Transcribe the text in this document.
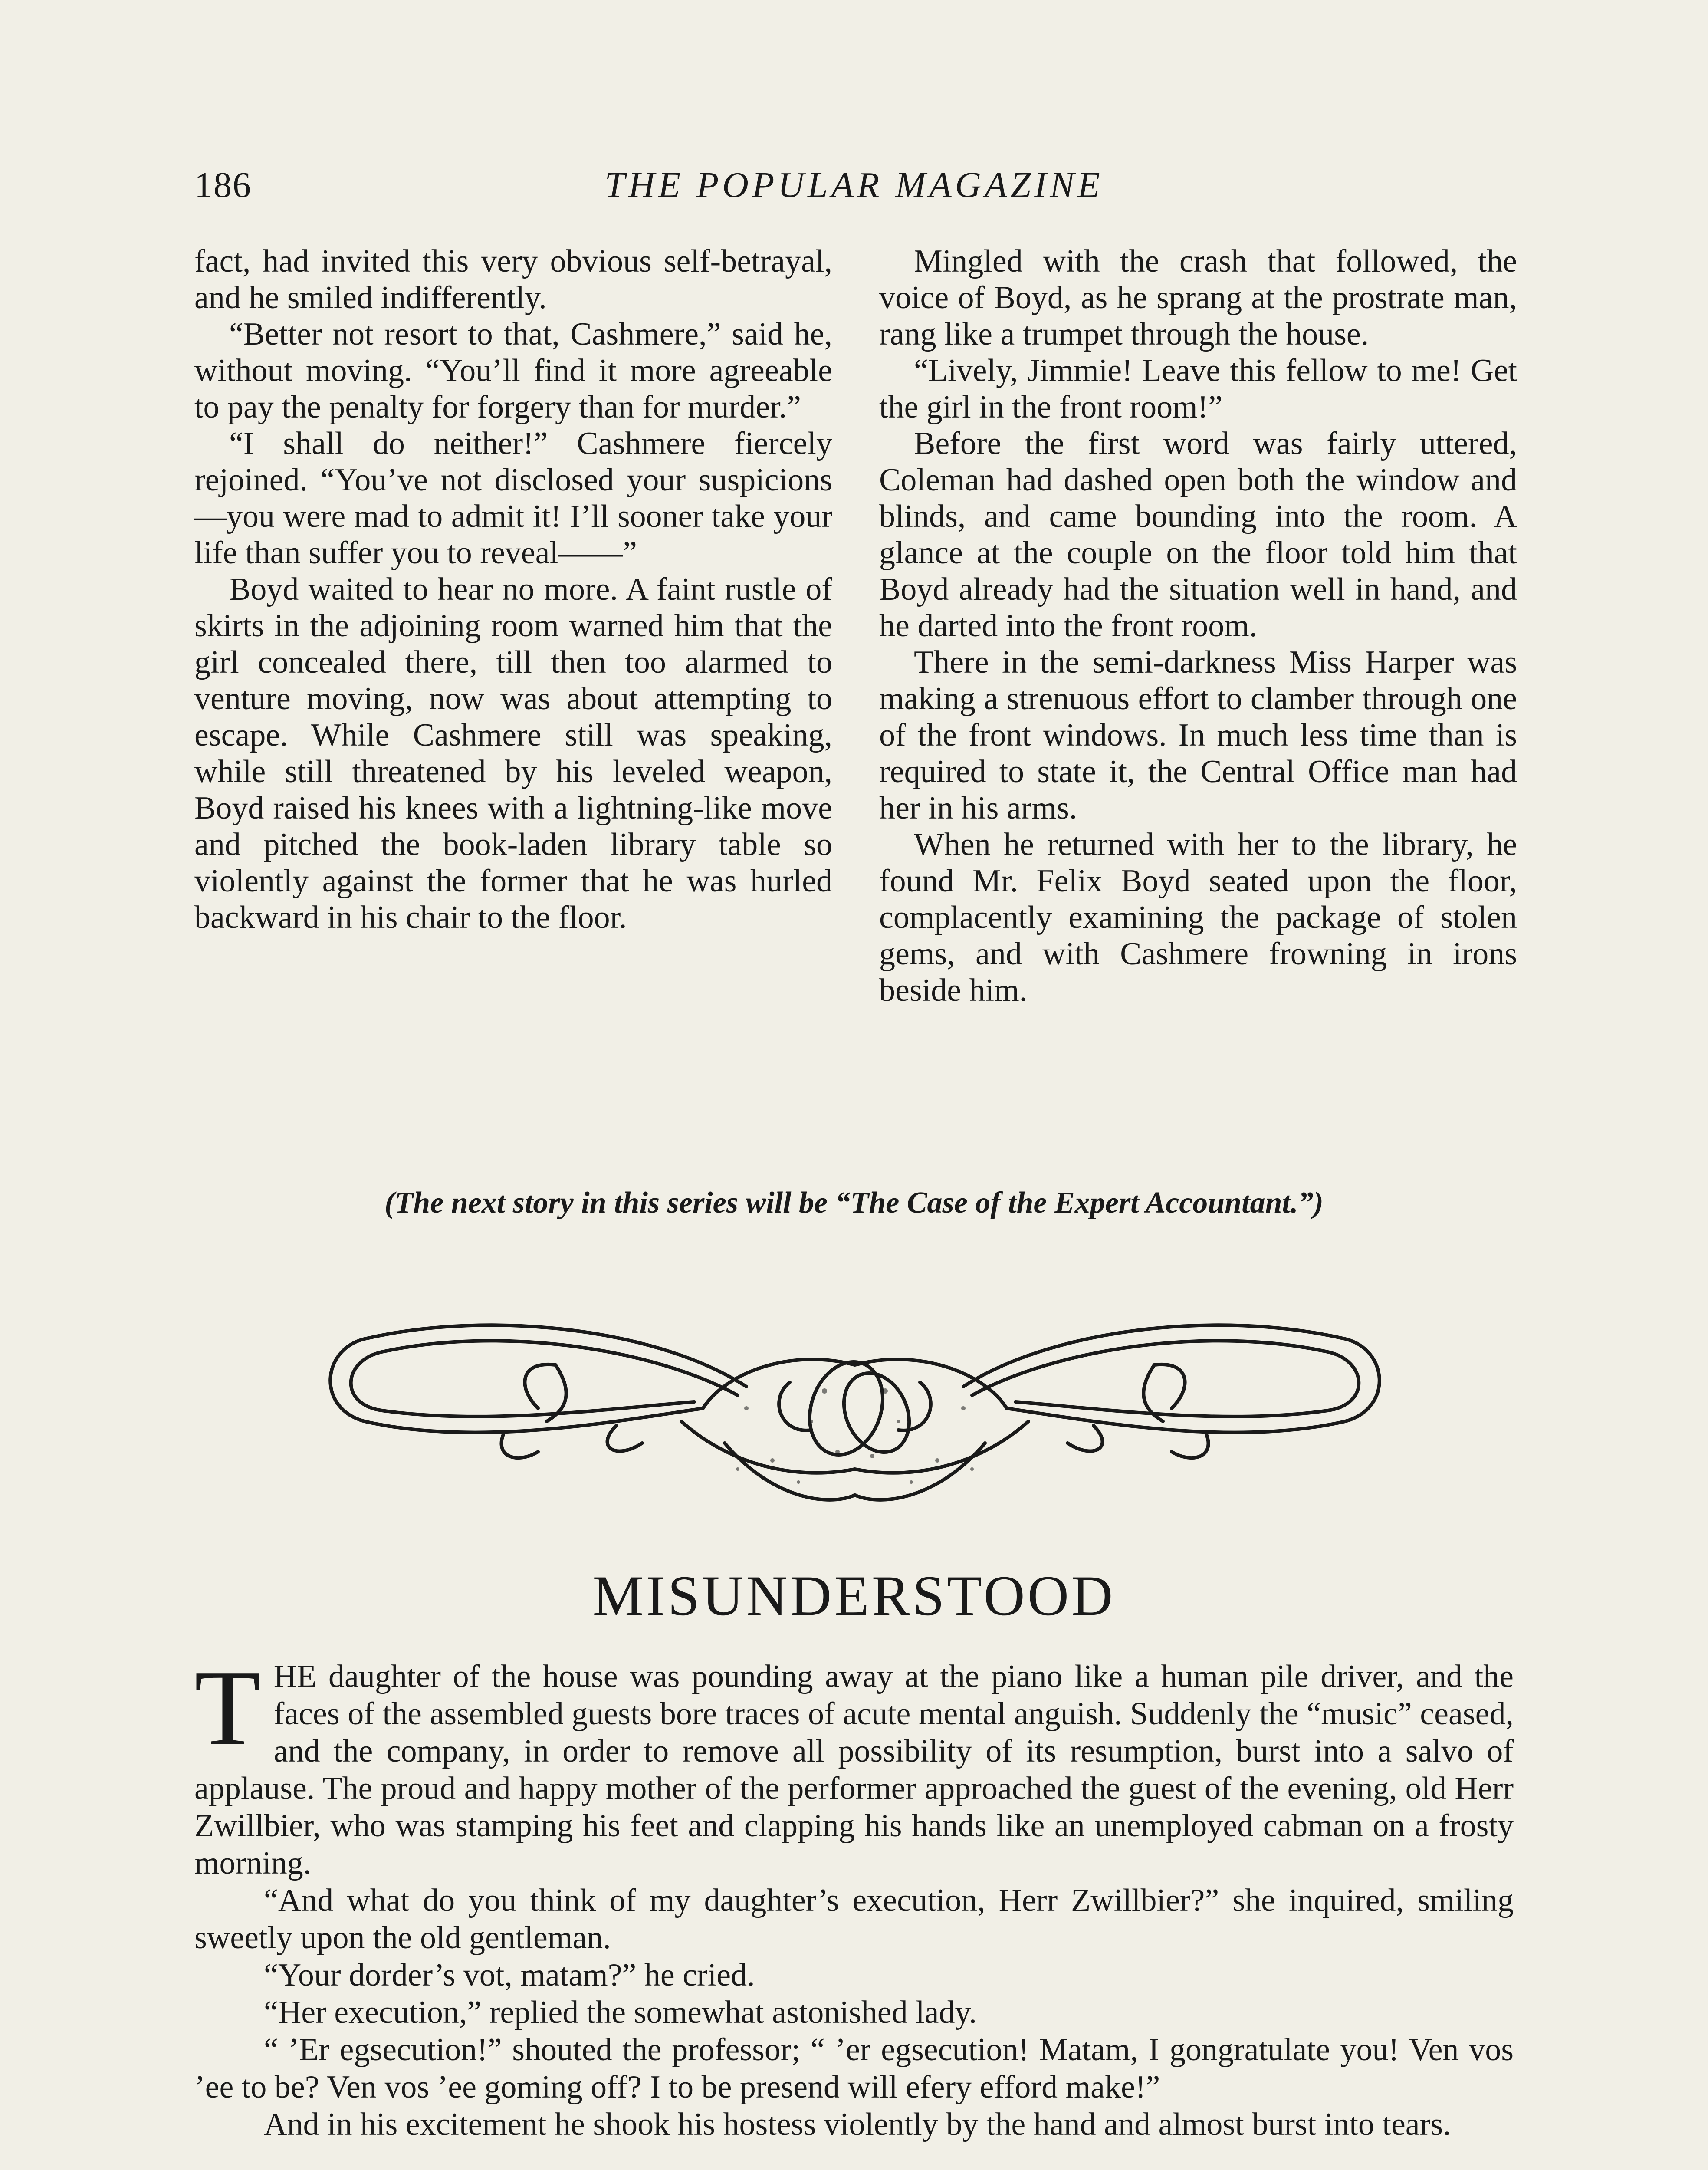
186	THE POPULAR MAGAZINE

fact, had invited this very obvious self-betrayal, and he smiled indifferently.

“Better not resort to that, Cashmere,” said he, without moving. “You’ll find it more agreeable to pay the penalty for forgery than for murder.”

“I shall do neither!” Cashmere fiercely rejoined. “You’ve not disclosed your suspicions—you were mad to admit it! I’ll sooner take your life than suffer you to reveal——”

Boyd waited to hear no more. A faint rustle of skirts in the adjoining room warned him that the girl concealed there, till then too alarmed to venture moving, now was about attempting to escape. While Cashmere still was speaking, while still threatened by his leveled weapon, Boyd raised his knees with a lightning-like move and pitched the book-laden library table so violently against the former that he was hurled backward in his chair to the floor.

Mingled with the crash that followed, the voice of Boyd, as he sprang at the prostrate man, rang like a trumpet through the house.

“Lively, Jimmie! Leave this fellow to me! Get the girl in the front room!”

Before the first word was fairly uttered, Coleman had dashed open both the window and blinds, and came bounding into the room. A glance at the couple on the floor told him that Boyd already had the situation well in hand, and he darted into the front room.

There in the semi-darkness Miss Harper was making a strenuous effort to clamber through one of the front windows. In much less time than is required to state it, the Central Office man had her in his arms.

When he returned with her to the library, he found Mr. Felix Boyd seated upon the floor, complacently examining the package of stolen gems, and with Cashmere frowning in irons beside him.

(The next story in this series will be “The Case of the Expert Accountant.”)
MISUNDERSTOOD

THE daughter of the house was pounding away at the piano like a human pile driver, and the faces of the assembled guests bore traces of acute mental anguish. Suddenly the “music” ceased, and the company, in order to remove all possibility of its resumption, burst into a salvo of applause. The proud and happy mother of the performer approached the guest of the evening, old Herr Zwillbier, who was stamping his feet and clapping his hands like an unemployed cabman on a frosty morning.

“And what do you think of my daughter’s execution, Herr Zwillbier?” she inquired, smiling sweetly upon the old gentleman.

“Your dorder’s vot, matam?” he cried.

“Her execution,” replied the somewhat astonished lady.

“ ’Er egsecution!” shouted the professor; “ ’er egsecution! Matam, I gongratulate you! Ven vos ’ee to be? Ven vos ’ee goming off? I to be presend will efery efford make!”

And in his excitement he shook his hostess violently by the hand and almost burst into tears.
